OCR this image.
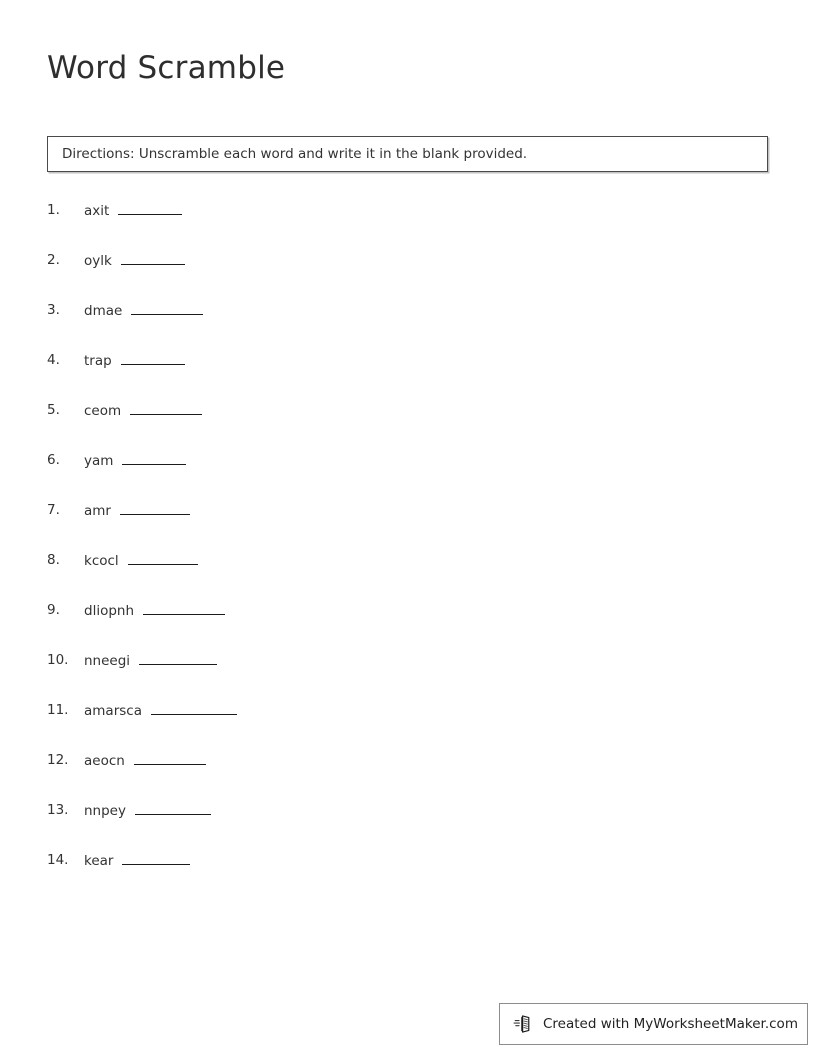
Word Scramble
Directions: Unscramble each word and write it in the blank provided.
1.	axit
2.	oylk
3.	dmae
4.	trap
5.	ceom
6.	yam
7.	amr
8.	kcocl
9.	dliopnh
10.	nneegi
11.	amarsca
12.	aeocn
13.	nnpey
14.	kear
Created with MyWorksheetMaker.com
